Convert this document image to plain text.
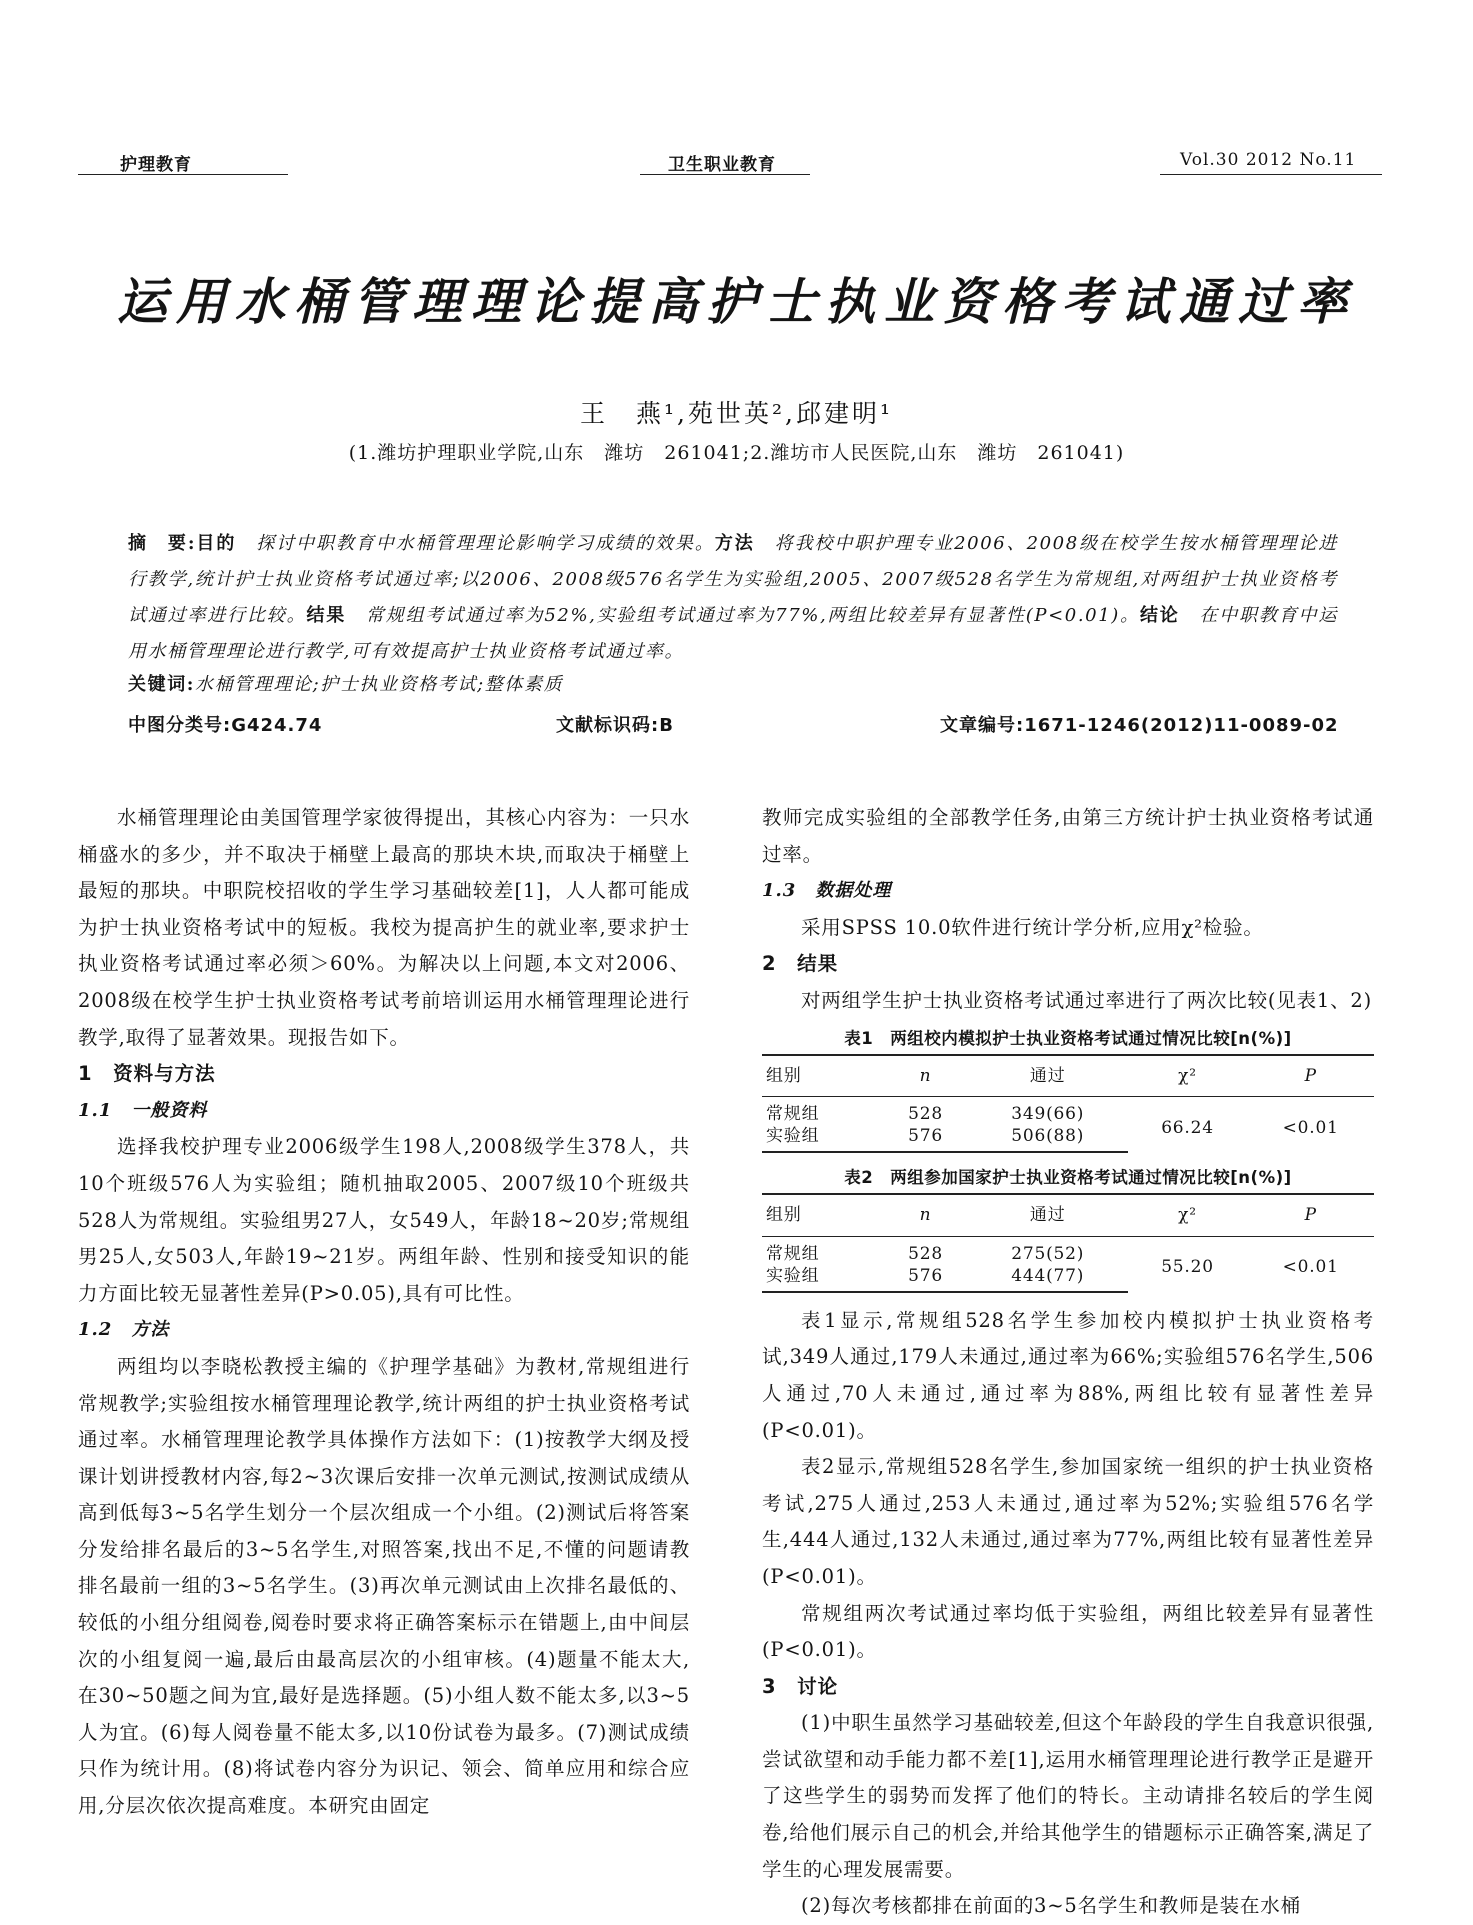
护理教育	卫生职业教育	Vol.30 2012 No.11
运用水桶管理理论提高护士执业资格考试通过率
王　燕¹,苑世英²,邱建明¹
(1.潍坊护理职业学院,山东　潍坊　261041;2.潍坊市人民医院,山东　潍坊　261041)
摘　要:目的　探讨中职教育中水桶管理理论影响学习成绩的效果。方法　将我校中职护理专业2006、2008级在校学生按水桶管理理论进行教学,统计护士执业资格考试通过率;以2006、2008级576名学生为实验组,2005、2007级528名学生为常规组,对两组护士执业资格考试通过率进行比较。结果　常规组考试通过率为52%,实验组考试通过率为77%,两组比较差异有显著性(P<0.01)。结论　在中职教育中运用水桶管理理论进行教学,可有效提高护士执业资格考试通过率。
关键词:水桶管理理论;护士执业资格考试;整体素质
中图分类号:G424.74	文献标识码:B	文章编号:1671-1246(2012)11-0089-02

水桶管理理论由美国管理学家彼得提出，其核心内容为：一只水桶盛水的多少，并不取决于桶壁上最高的那块木块,而取决于桶壁上最短的那块。中职院校招收的学生学习基础较差[1]，人人都可能成为护士执业资格考试中的短板。我校为提高护生的就业率,要求护士执业资格考试通过率必须＞60%。为解决以上问题,本文对2006、2008级在校学生护士执业资格考试考前培训运用水桶管理理论进行教学,取得了显著效果。现报告如下。

1　资料与方法
1.1　一般资料

选择我校护理专业2006级学生198人,2008级学生378人，共10个班级576人为实验组；随机抽取2005、2007级10个班级共528人为常规组。实验组男27人，女549人，年龄18~20岁;常规组男25人,女503人,年龄19~21岁。两组年龄、性别和接受知识的能力方面比较无显著性差异(P>0.05),具有可比性。

1.2　方法

两组均以李晓松教授主编的《护理学基础》为教材,常规组进行常规教学;实验组按水桶管理理论教学,统计两组的护士执业资格考试通过率。水桶管理理论教学具体操作方法如下：(1)按教学大纲及授课计划讲授教材内容,每2~3次课后安排一次单元测试,按测试成绩从高到低每3~5名学生划分一个层次组成一个小组。(2)测试后将答案分发给排名最后的3~5名学生,对照答案,找出不足,不懂的问题请教排名最前一组的3~5名学生。(3)再次单元测试由上次排名最低的、较低的小组分组阅卷,阅卷时要求将正确答案标示在错题上,由中间层次的小组复阅一遍,最后由最高层次的小组审核。(4)题量不能太大,在30~50题之间为宜,最好是选择题。(5)小组人数不能太多,以3~5人为宜。(6)每人阅卷量不能太多,以10份试卷为最多。(7)测试成绩只作为统计用。(8)将试卷内容分为识记、领会、简单应用和综合应用,分层次依次提高难度。本研究由固定

教师完成实验组的全部教学任务,由第三方统计护士执业资格考试通过率。

1.3　数据处理

采用SPSS 10.0软件进行统计学分析,应用χ²检验。

2　结果

对两组学生护士执业资格考试通过率进行了两次比较(见表1、2)

表1　两组校内模拟护士执业资格考试通过情况比较[n(%)]
组别	n	通过	χ²	P
常规组	528	349(66)	66.24	<0.01
实验组	576	506(88)		
表2　两组参加国家护士执业资格考试通过情况比较[n(%)]
组别	n	通过	χ²	P
常规组	528	275(52)	55.20	<0.01
实验组	576	444(77)		

表1显示,常规组528名学生参加校内模拟护士执业资格考试,349人通过,179人未通过,通过率为66%;实验组576名学生,506人通过,70人未通过,通过率为88%,两组比较有显著性差异(P<0.01)。

表2显示,常规组528名学生,参加国家统一组织的护士执业资格考试,275人通过,253人未通过,通过率为52%;实验组576名学生,444人通过,132人未通过,通过率为77%,两组比较有显著性差异(P<0.01)。

常规组两次考试通过率均低于实验组，两组比较差异有显著性(P<0.01)。

3　讨论

(1)中职生虽然学习基础较差,但这个年龄段的学生自我意识很强,尝试欲望和动手能力都不差[1],运用水桶管理理论进行教学正是避开了这些学生的弱势而发挥了他们的特长。主动请排名较后的学生阅卷,给他们展示自己的机会,并给其他学生的错题标示正确答案,满足了学生的心理发展需要。

(2)每次考核都排在前面的3~5名学生和教师是装在水桶
